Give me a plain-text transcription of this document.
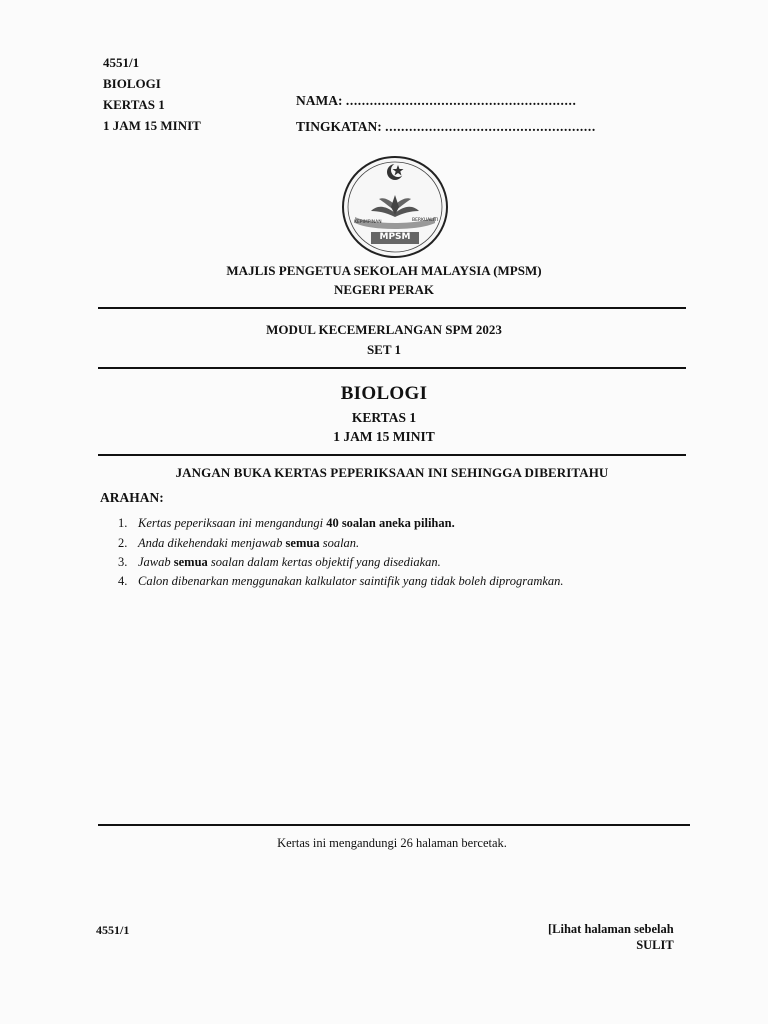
4551/1
BIOLOGI
KERTAS 1
1 JAM 15 MINIT
NAMA: ..........................................................
TINGKATAN: .....................................................
KEPIMPINAN	BERKUALITI
MPSM
MAJLIS PENGETUA SEKOLAH MALAYSIA (MPSM)
NEGERI PERAK
MODUL KECEMERLANGAN SPM 2023
SET 1
BIOLOGI
KERTAS 1
1 JAM 15 MINIT
JANGAN BUKA KERTAS PEPERIKSAAN INI SEHINGGA DIBERITAHU
ARAHAN:
1. Kertas peperiksaan ini mengandungi 40 soalan aneka pilihan.
2. Anda dikehendaki menjawab semua soalan.
3. Jawab semua soalan dalam kertas objektif yang disediakan.
4. Calon dibenarkan menggunakan kalkulator saintifik yang tidak boleh diprogramkan.
Kertas ini mengandungi 26 halaman bercetak.
4551/1	[Lihat halaman sebelah
SULIT
